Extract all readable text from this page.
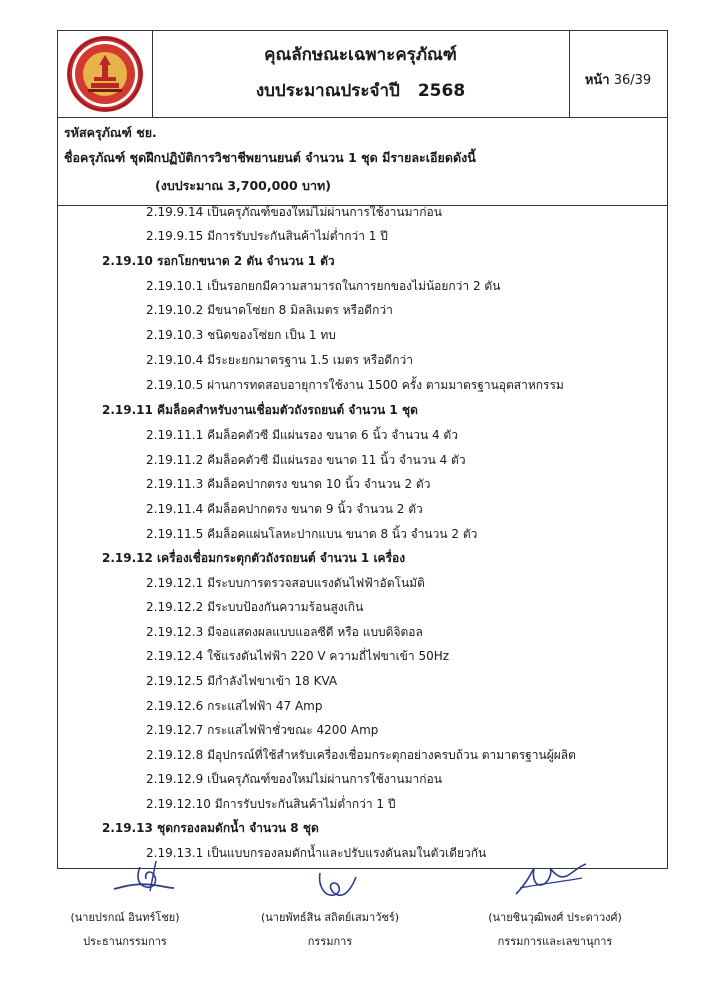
คุณลักษณะเฉพาะครุภัณฑ์
งบประมาณประจำปี 2568
หน้า 36/39
รหัสครุภัณฑ์ ชย.
ชื่อครุภัณฑ์ ชุดฝึกปฏิบัติการวิชาชีพยานยนต์ จำนวน 1 ชุด มีรายละเอียดดังนี้
(งบประมาณ 3,700,000 บาท)
2.19.9.14 เป็นครุภัณฑ์ของใหม่ไม่ผ่านการใช้งานมาก่อน
2.19.9.15 มีการรับประกันสินค้าไม่ต่ำกว่า 1 ปี
2.19.10 รอกโยกขนาด 2 ตัน จำนวน 1 ตัว
2.19.10.1 เป็นรอกยกมีความสามารถในการยกของไม่น้อยกว่า 2 ตัน
2.19.10.2 มีขนาดโซ่ยก 8 มิลลิเมตร หรือดีกว่า
2.19.10.3 ชนิดของโซ่ยก เป็น 1 ทบ
2.19.10.4 มีระยะยกมาตรฐาน 1.5 เมตร หรือดีกว่า
2.19.10.5 ผ่านการทดสอบอายุการใช้งาน 1500 ครั้ง ตามมาตรฐานอุตสาหกรรม
2.19.11 คีมล็อคสำหรับงานเชื่อมตัวถังรถยนต์ จำนวน 1 ชุด
2.19.11.1 คีมล็อคตัวซี มีแผ่นรอง ขนาด 6 นิ้ว จำนวน 4 ตัว
2.19.11.2 คีมล็อคตัวซี มีแผ่นรอง ขนาด 11 นิ้ว จำนวน 4 ตัว
2.19.11.3 คีมล็อคปากตรง ขนาด 10 นิ้ว จำนวน 2 ตัว
2.19.11.4 คีมล็อคปากตรง ขนาด 9 นิ้ว จำนวน 2 ตัว
2.19.11.5 คีมล็อคแผ่นโลหะปากแบน ขนาด 8 นิ้ว จำนวน 2 ตัว
2.19.12 เครื่องเชื่อมกระตุกตัวถังรถยนต์ จำนวน 1 เครื่อง
2.19.12.1 มีระบบการตรวจสอบแรงดันไฟฟ้าอัตโนมัติ
2.19.12.2 มีระบบป้องกันความร้อนสูงเกิน
2.19.12.3 มีจอแสดงผลแบบแอลซีดี หรือ แบบดิจิตอล
2.19.12.4 ใช้แรงดันไฟฟ้า 220 V ความถี่ไฟขาเข้า 50Hz
2.19.12.5 มีกำลังไฟขาเข้า 18 KVA
2.19.12.6 กระแสไฟฟ้า 47 Amp
2.19.12.7 กระแสไฟฟ้าชั่วขณะ 4200 Amp
2.19.12.8 มีอุปกรณ์ที่ใช้สำหรับเครื่องเชื่อมกระตุกอย่างครบถ้วน ตามาตรฐานผู้ผลิต
2.19.12.9 เป็นครุภัณฑ์ของใหม่ไม่ผ่านการใช้งานมาก่อน
2.19.12.10 มีการรับประกันสินค้าไม่ต่ำกว่า 1 ปี
2.19.13 ชุดกรองลมดักน้ำ จำนวน 8 ชุด
2.19.13.1 เป็นแบบกรองลมดักน้ำและปรับแรงดันลมในตัวเดียวกัน
(นายปรกณ์ อินทร์โชย)
ประธานกรรมการ
(นายพัทธ์สิน สถิตย์เสมาวัชร์)
กรรมการ
(นายชินวุฒิพงศ์ ประดาวงศ์)
กรรมการและเลขานุการ
